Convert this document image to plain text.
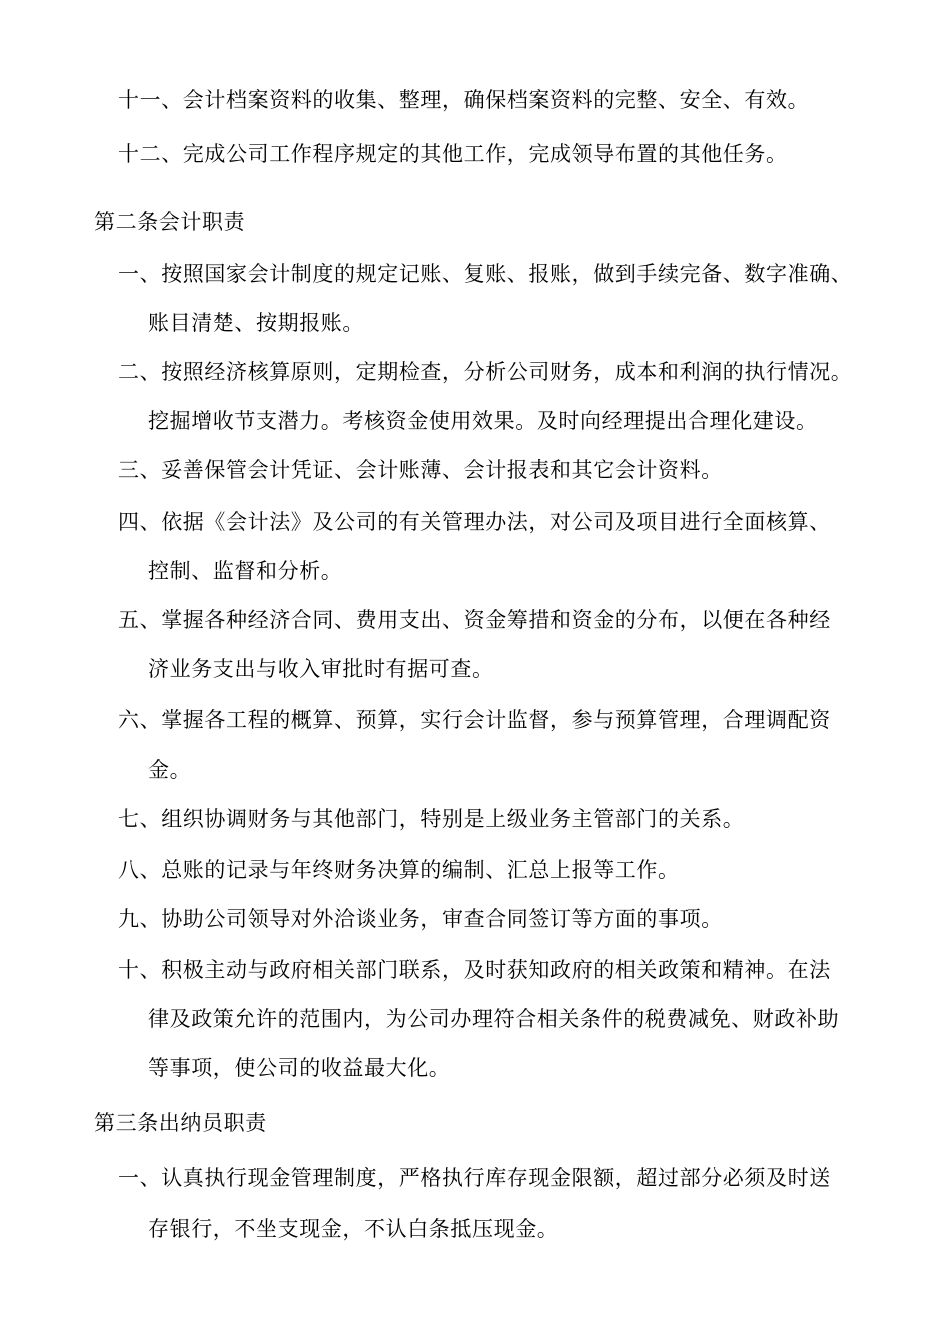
十一、会计档案资料的收集、整理，确保档案资料的完整、安全、有效。
十二、完成公司工作程序规定的其他工作，完成领导布置的其他任务。
第二条会计职责
一、按照国家会计制度的规定记账、复账、报账，做到手续完备、数字准确、
账目清楚、按期报账。
二、按照经济核算原则，定期检查，分析公司财务，成本和利润的执行情况。
挖掘增收节支潜力。考核资金使用效果。及时向经理提出合理化建设。
三、妥善保管会计凭证、会计账薄、会计报表和其它会计资料。
四、依据《会计法》及公司的有关管理办法，对公司及项目进行全面核算、
控制、监督和分析。
五、掌握各种经济合同、费用支出、资金筹措和资金的分布，以便在各种经
济业务支出与收入审批时有据可查。
六、掌握各工程的概算、预算，实行会计监督，参与预算管理，合理调配资
金。
七、组织协调财务与其他部门，特别是上级业务主管部门的关系。
八、总账的记录与年终财务决算的编制、汇总上报等工作。
九、协助公司领导对外洽谈业务，审查合同签订等方面的事项。
十、积极主动与政府相关部门联系，及时获知政府的相关政策和精神。在法
律及政策允许的范围内，为公司办理符合相关条件的税费减免、财政补助
等事项，使公司的收益最大化。
第三条出纳员职责
一、认真执行现金管理制度，严格执行库存现金限额，超过部分必须及时送
存银行，不坐支现金，不认白条抵压现金。
